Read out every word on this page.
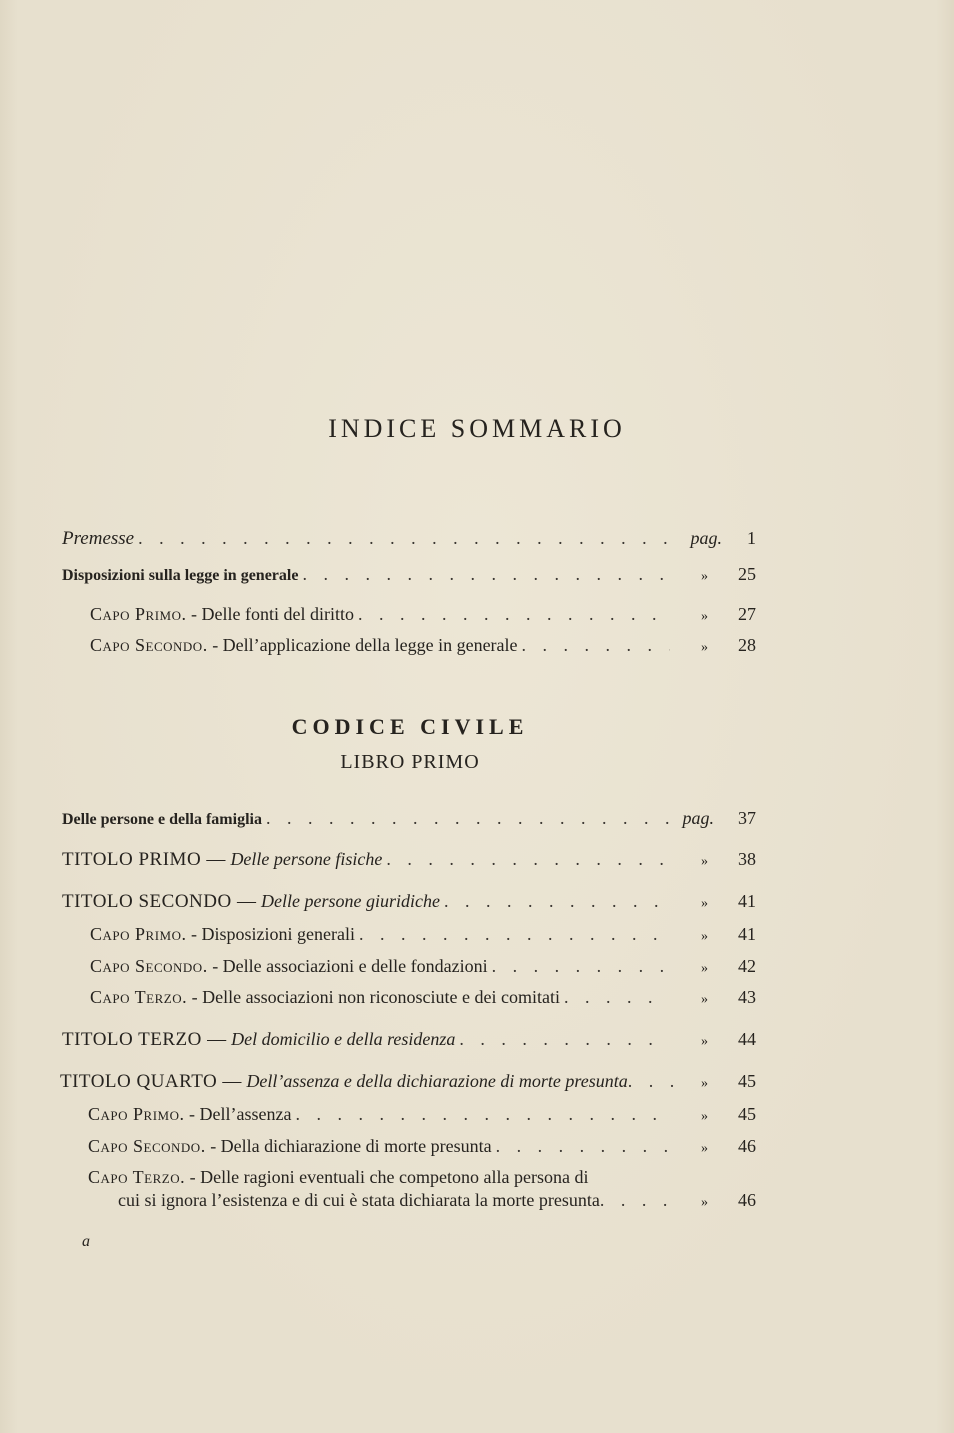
INDICE SOMMARIO
Premesse . . .	pag.	1
Disposizioni sulla legge in generale . . .	»	25
Capo Primo. - Delle fonti del diritto . . .	»	27
Capo Secondo. - Dell’applicazione della legge in generale . . .	»	28
CODICE CIVILE
LIBRO PRIMO
Delle persone e della famiglia . . .	pag.	37
TITOLO PRIMO — Delle persone fisiche . . .	»	38
TITOLO SECONDO — Delle persone giuridiche . . .	»	41
Capo Primo. - Disposizioni generali . . .	»	41
Capo Secondo. - Delle associazioni e delle fondazioni . . .	»	42
Capo Terzo. - Delle associazioni non riconosciute e dei comitati . . .	»	43
TITOLO TERZO — Del domicilio e della residenza . . .	»	44
TITOLO QUARTO — Dell’assenza e della dichiarazione di morte presunta . . .	»	45
Capo Primo. - Dell’assenza . . .	»	45
Capo Secondo. - Della dichiarazione di morte presunta . . .	»	46
Capo Terzo. - Delle ragioni eventuali che competono alla persona di
cui si ignora l’esistenza e di cui è stata dichiarata la morte presunta . . .	»	46
a
